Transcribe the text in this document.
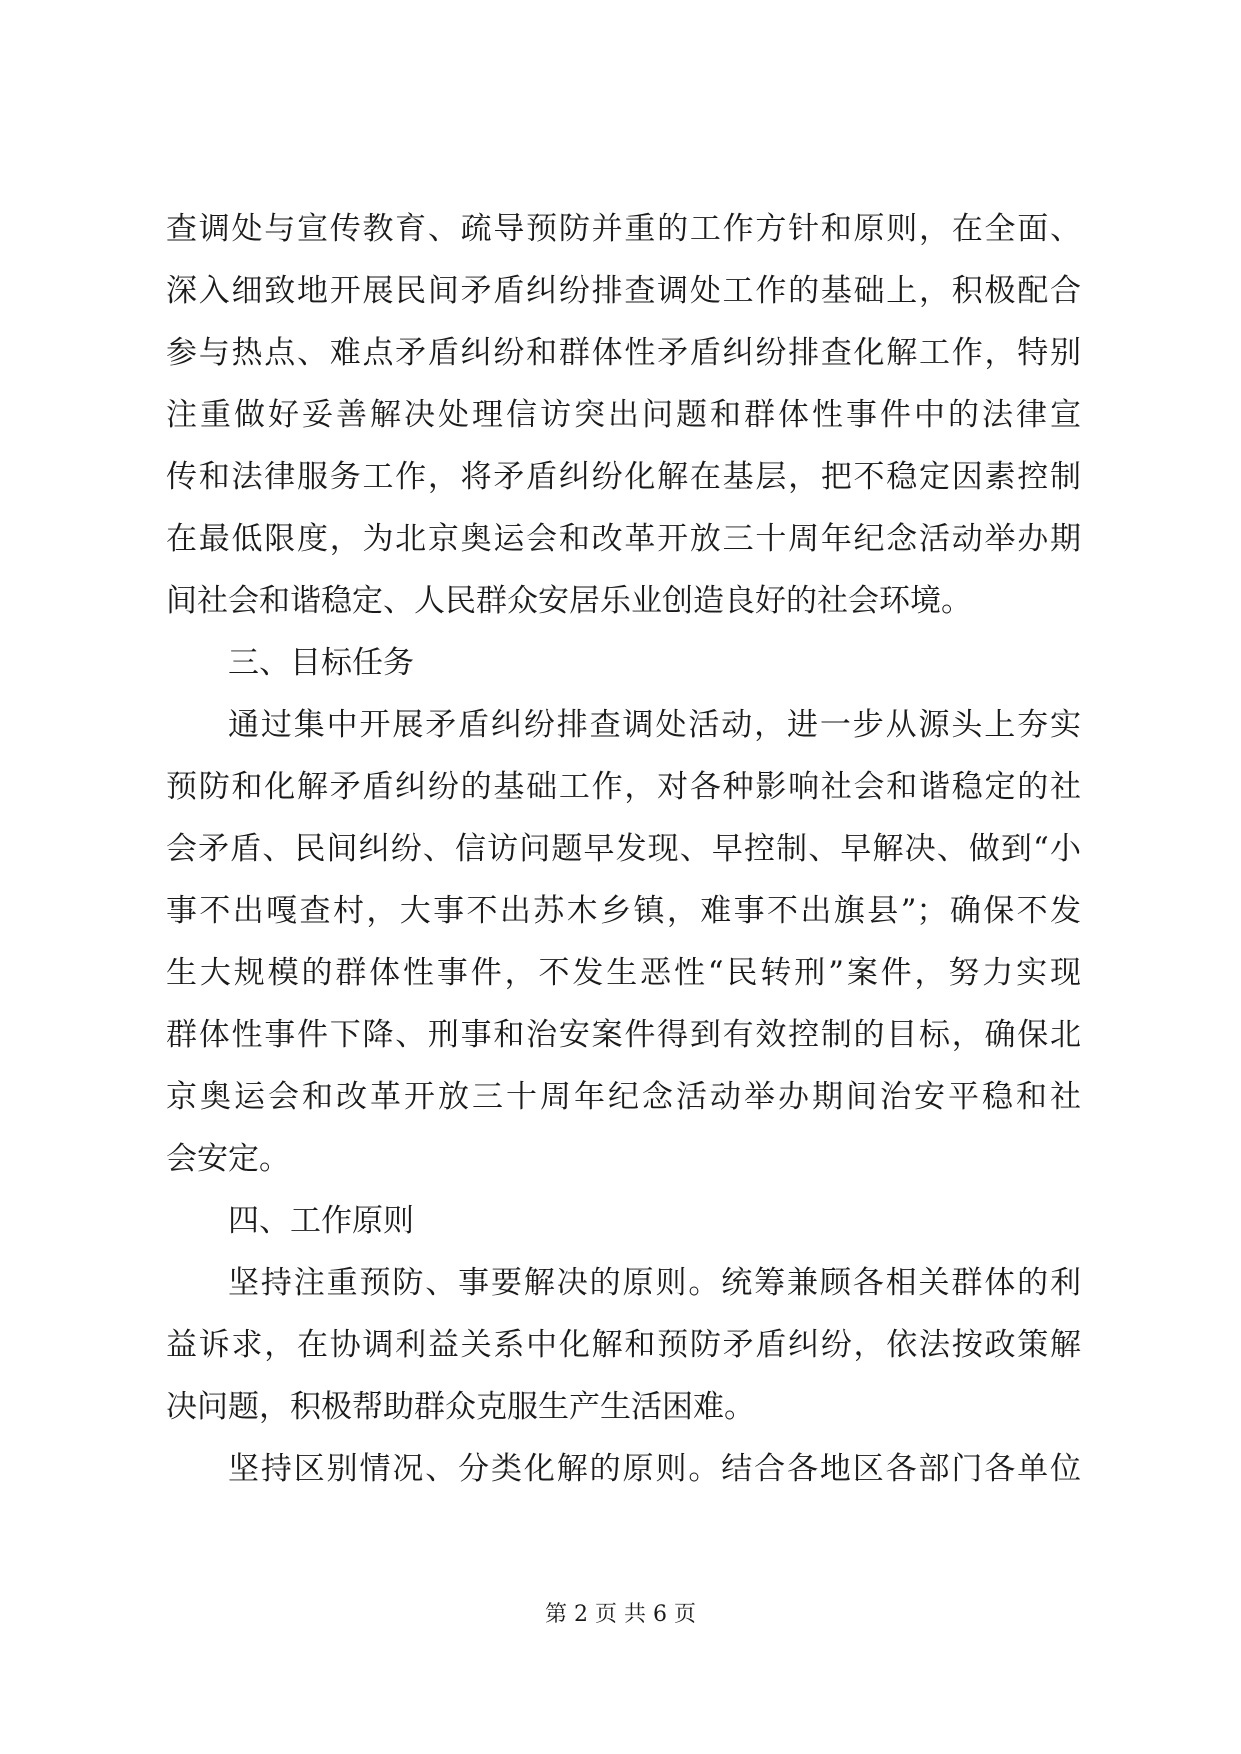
查调处与宣传教育、疏导预防并重的工作方针和原则，在全面、
深入细致地开展民间矛盾纠纷排查调处工作的基础上，积极配合
参与热点、难点矛盾纠纷和群体性矛盾纠纷排查化解工作，特别
注重做好妥善解决处理信访突出问题和群体性事件中的法律宣
传和法律服务工作，将矛盾纠纷化解在基层，把不稳定因素控制
在最低限度，为北京奥运会和改革开放三十周年纪念活动举办期
间社会和谐稳定、人民群众安居乐业创造良好的社会环境。
三、目标任务
通过集中开展矛盾纠纷排查调处活动，进一步从源头上夯实
预防和化解矛盾纠纷的基础工作，对各种影响社会和谐稳定的社
会矛盾、民间纠纷、信访问题早发现、早控制、早解决、做到“小
事不出嘎查村，大事不出苏木乡镇，难事不出旗县”；确保不发
生大规模的群体性事件，不发生恶性“民转刑”案件，努力实现
群体性事件下降、刑事和治安案件得到有效控制的目标，确保北
京奥运会和改革开放三十周年纪念活动举办期间治安平稳和社
会安定。
四、工作原则
坚持注重预防、事要解决的原则。统筹兼顾各相关群体的利
益诉求，在协调利益关系中化解和预防矛盾纠纷，依法按政策解
决问题，积极帮助群众克服生产生活困难。
坚持区别情况、分类化解的原则。结合各地区各部门各单位
第 2 页 共 6 页
